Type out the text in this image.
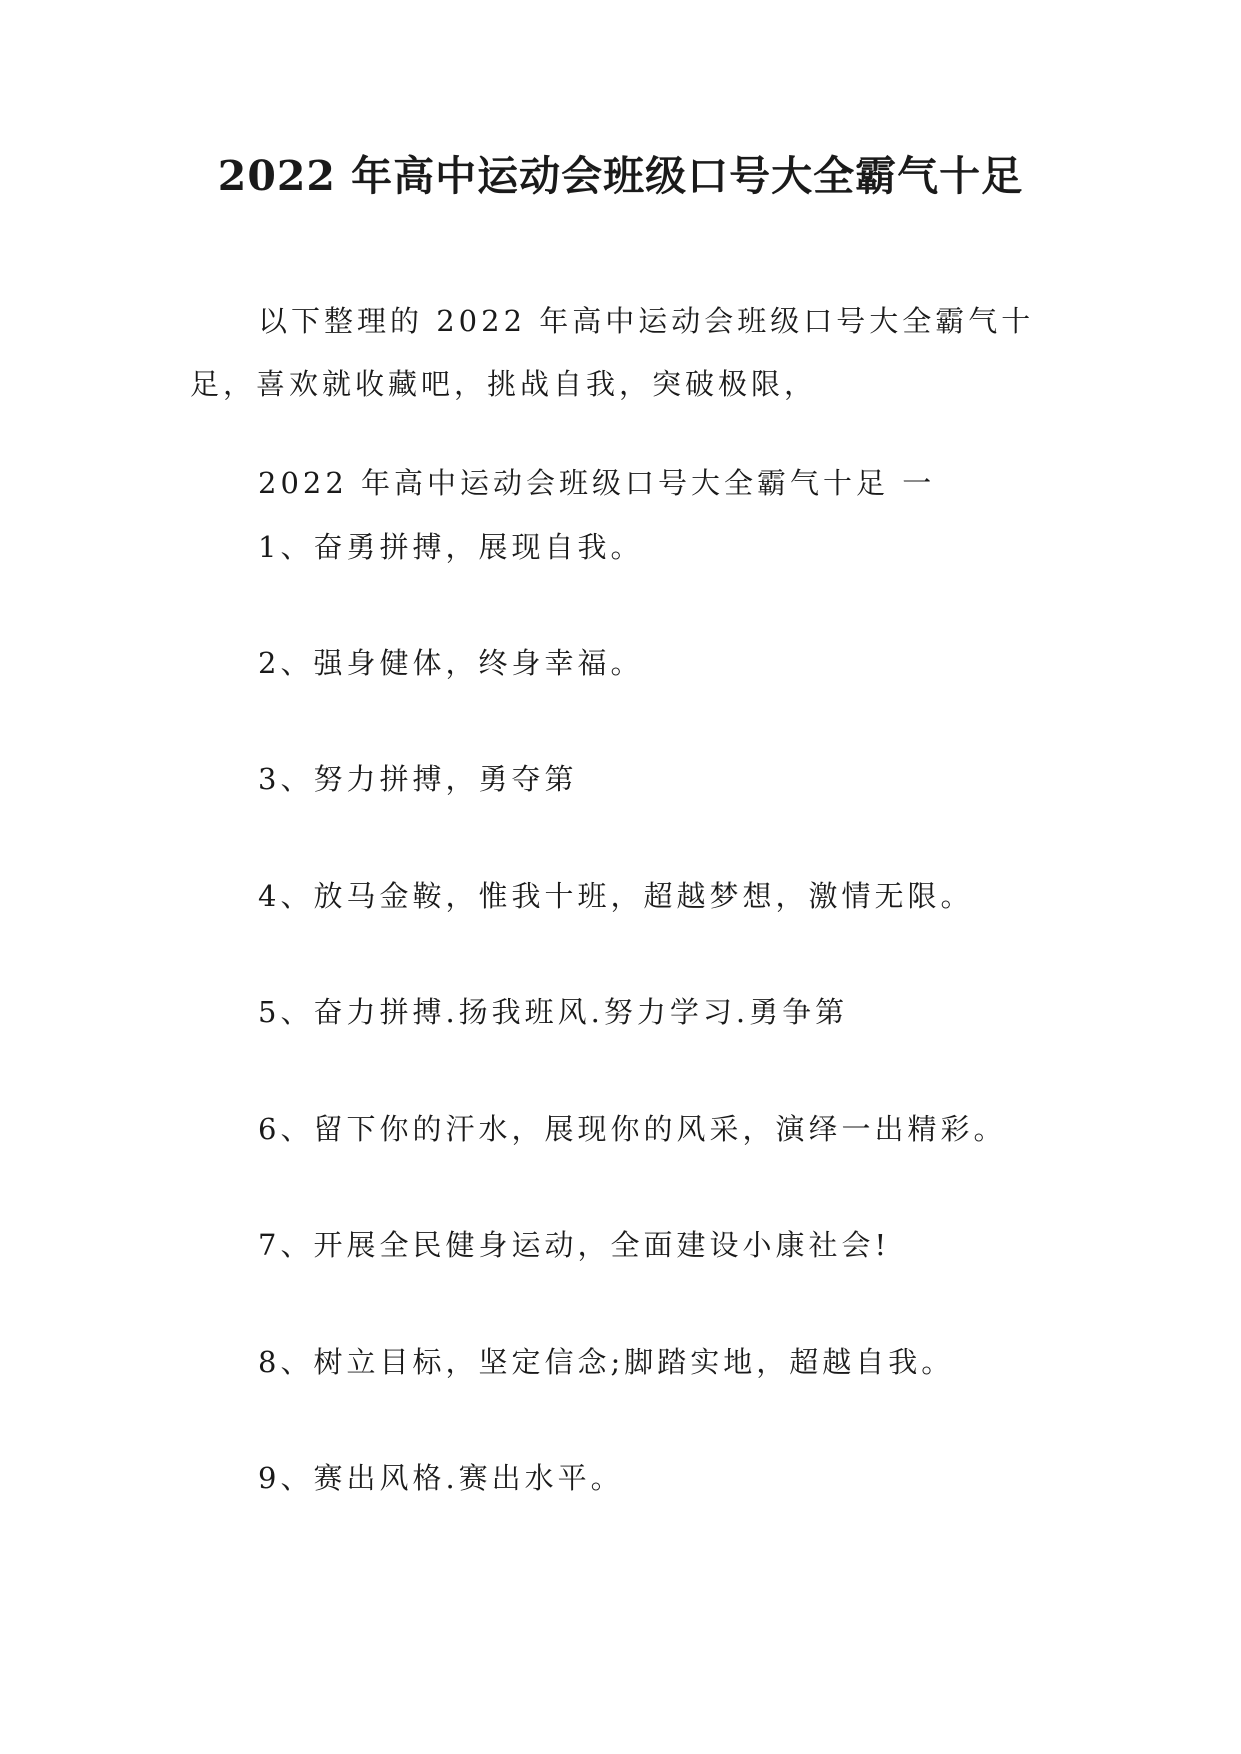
2022 年高中运动会班级口号大全霸气十足

以下整理的 2022 年高中运动会班级口号大全霸气十足，喜欢就收藏吧，挑战自我，突破极限，

2022 年高中运动会班级口号大全霸气十足 一
1、奋勇拼搏，展现自我。
2、强身健体，终身幸福。
3、努力拼搏，勇夺第
4、放马金鞍，惟我十班，超越梦想，激情无限。
5、奋力拼搏.扬我班风.努力学习.勇争第
6、留下你的汗水，展现你的风采，演绎一出精彩。
7、开展全民健身运动，全面建设小康社会!
8、树立目标，坚定信念;脚踏实地，超越自我。
9、赛出风格.赛出水平。
